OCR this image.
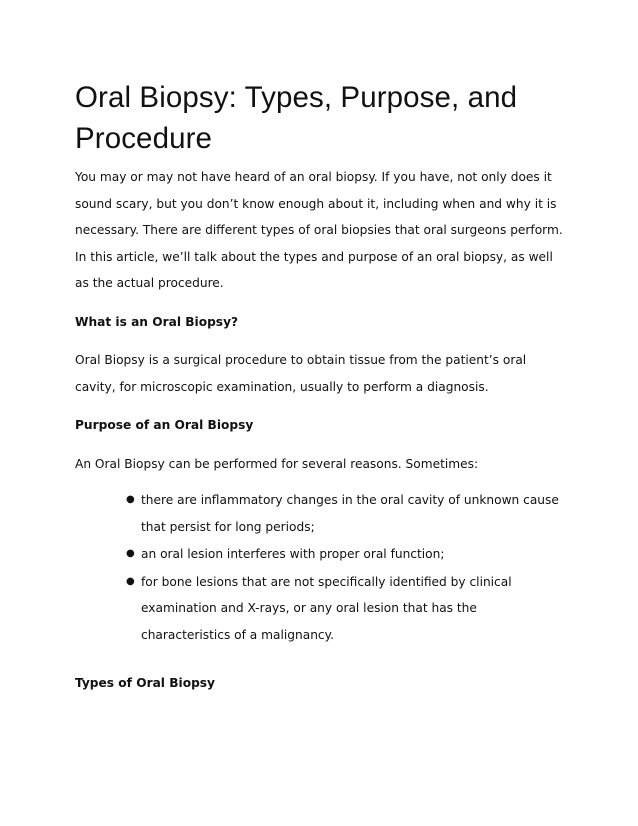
Oral Biopsy: Types, Purpose, and Procedure

You may or may not have heard of an oral biopsy. If you have, not only does it sound scary, but you don’t know enough about it, including when and why it is necessary. There are different types of oral biopsies that oral surgeons perform. In this article, we’ll talk about the types and purpose of an oral biopsy, as well as the actual procedure.

What is an Oral Biopsy?

Oral Biopsy is a surgical procedure to obtain tissue from the patient’s oral cavity, for microscopic examination, usually to perform a diagnosis.

Purpose of an Oral Biopsy

An Oral Biopsy can be performed for several reasons. Sometimes:

● there are inflammatory changes in the oral cavity of unknown cause that persist for long periods;
● an oral lesion interferes with proper oral function;
● for bone lesions that are not specifically identified by clinical examination and X-rays, or any oral lesion that has the characteristics of a malignancy.

Types of Oral Biopsy
